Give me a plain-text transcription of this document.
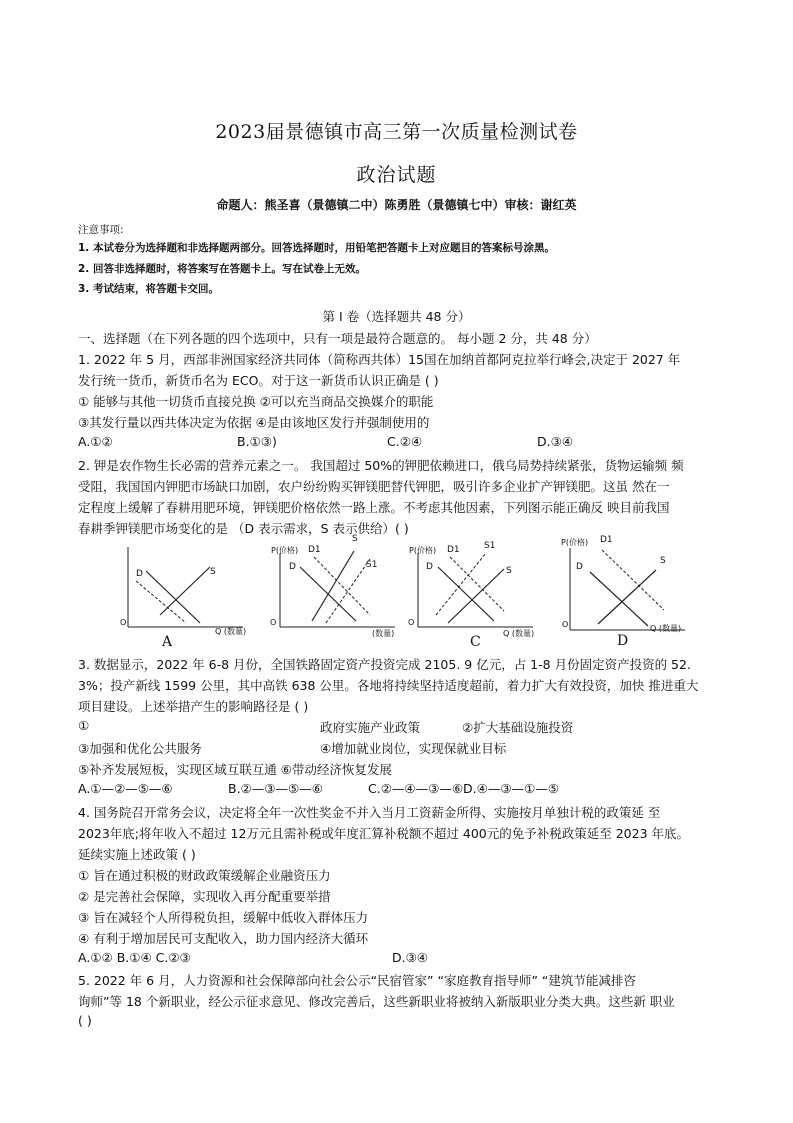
2023届景德镇市高三第一次质量检测试卷
政治试题
命题人：熊圣喜（景德镇二中）陈勇胜（景德镇七中）审核：谢红英
注意事项:
1. 本试卷分为选择题和非选择题两部分。回答选择题时，用铅笔把答题卡上对应题目的答案标号涂黑。
2. 回答非选择题时，将答案写在答题卡上。写在试卷上无效。
3. 考试结束，将答题卡交回。
第 I 卷（选择题共 48 分）
一、选择题（在下列各题的四个选项中，只有一项是最符合题意的。 每小题 2 分，共 48 分）
1. 2022 年 5 月，西部非洲国家经济共同体（简称西共体）15国在加纳首都阿克拉举行峰会,决定于 2027 年
发行统一货币，新货币名为 ECO。对于这一新货币认识正确是 ( )
① 能够与其他一切货币直接兑换 ②可以充当商品交换媒介的职能
③其发行量以西共体决定为依据 ④是由该地区发行并强制使用的
A.①②	B.①③)	C.②④	D.③④
2. 钾是农作物生长必需的营养元素之一。 我国超过 50%的钾肥依赖进口，俄乌局势持续紧张，货物运输频 频
受阻，我国国内钾肥市场缺口加剧，农户纷纷购买钾镁肥替代钾肥，吸引许多企业扩产钾镁肥。这虽 然在一
定程度上缓解了春耕用肥环境，钾镁肥价格依然一路上涨。不考虑其他因素，下列图示能正确反 映目前我国
春耕季钾镁肥市场变化的是 （D 表示需求，S 表示供给）( )
D	S
O
Q (数量)
A
P(价格)
D
D1
S
S1
O
(数量)
P(价格)
D
D1	S1
S
O
Q (数量)
C
P(价格)
D
D1
S
O	Q (数量)
D
3. 数据显示，2022 年 6-8 月份，全国铁路固定资产投资完成 2105. 9 亿元，占 1-8 月份固定资产投资的 52.
3%；投产新线 1599 公里，其中高铁 638 公里。各地将持续坚持适度超前，着力扩大有效投资，加快 推进重大
项目建设。上述举措产生的影响路径是 ( )
①	政府实施产业政策	②扩大基础设施投资
③加强和优化公共服务	④增加就业岗位，实现保就业目标
⑤补齐发展短板，实现区域互联互通 ⑥带动经济恢复发展
A.①—②—⑤—⑥	B.②—③—⑤—⑥	C.②—④—③—⑥D.④—③—①—⑤
4. 国务院召开常务会议，决定将全年一次性奖金不并入当月工资薪金所得、实施按月单独计税的政策延 至
2023年底;将年收入不超过 12万元且需补税或年度汇算补税额不超过 400元的免予补税政策延至 2023 年底。
延续实施上述政策 ( )
① 旨在通过积极的财政政策缓解企业融资压力
② 是完善社会保障，实现收入再分配重要举措
③ 旨在减轻个人所得税负担，缓解中低收入群体压力
④ 有利于增加居民可支配收入，助力国内经济大循环
A.①② B.①④ C.②③	D.③④
5. 2022 年 6 月，人力资源和社会保障部向社会公示“民宿管家” “家庭教育指导师” “建筑节能减排咨
询师”等 18 个新职业，经公示征求意见、修改完善后，这些新职业将被纳入新版职业分类大典。这些新 职业
( )
